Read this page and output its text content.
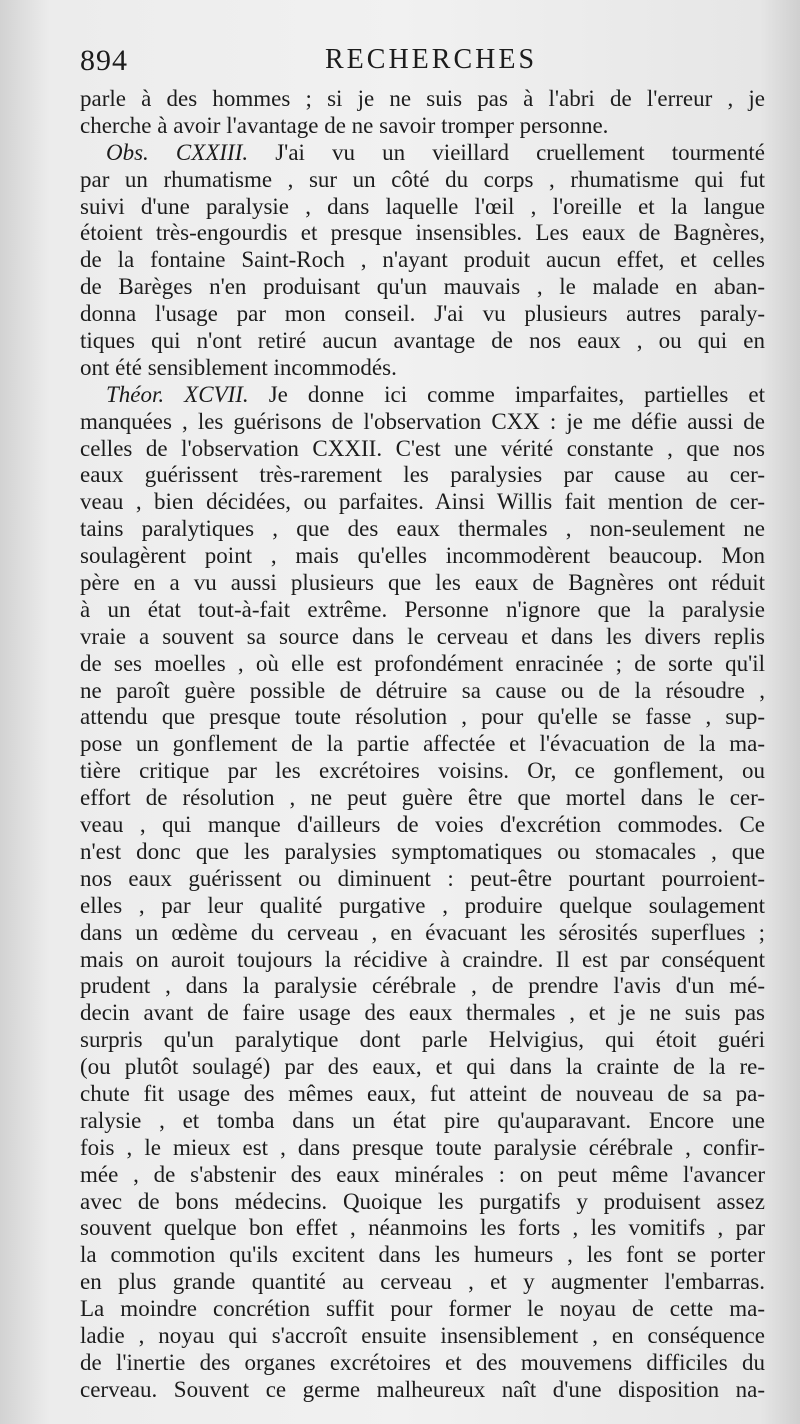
894	RECHERCHES
parle à des hommes ; si je ne suis pas à l'abri de l'erreur , je
cherche à avoir l'avantage de ne savoir tromper personne.
Obs. CXXIII. J'ai vu un vieillard cruellement tourmenté
par un rhumatisme , sur un côté du corps , rhumatisme qui fut
suivi d'une paralysie , dans laquelle l'œil , l'oreille et la langue
étoient très-engourdis et presque insensibles. Les eaux de Bagnères,
de la fontaine Saint-Roch , n'ayant produit aucun effet, et celles
de Barèges n'en produisant qu'un mauvais , le malade en aban-
donna l'usage par mon conseil. J'ai vu plusieurs autres paraly-
tiques qui n'ont retiré aucun avantage de nos eaux , ou qui en
ont été sensiblement incommodés.
Théor. XCVII. Je donne ici comme imparfaites, partielles et
manquées , les guérisons de l'observation CXX : je me défie aussi de
celles de l'observation CXXII. C'est une vérité constante , que nos
eaux guérissent très-rarement les paralysies par cause au cer-
veau , bien décidées, ou parfaites. Ainsi Willis fait mention de cer-
tains paralytiques , que des eaux thermales , non-seulement ne
soulagèrent point , mais qu'elles incommodèrent beaucoup. Mon
père en a vu aussi plusieurs que les eaux de Bagnères ont réduit
à un état tout-à-fait extrême. Personne n'ignore que la paralysie
vraie a souvent sa source dans le cerveau et dans les divers replis
de ses moelles , où elle est profondément enracinée ; de sorte qu'il
ne paroît guère possible de détruire sa cause ou de la résoudre ,
attendu que presque toute résolution , pour qu'elle se fasse , sup-
pose un gonflement de la partie affectée et l'évacuation de la ma-
tière critique par les excrétoires voisins. Or, ce gonflement, ou
effort de résolution , ne peut guère être que mortel dans le cer-
veau , qui manque d'ailleurs de voies d'excrétion commodes. Ce
n'est donc que les paralysies symptomatiques ou stomacales , que
nos eaux guérissent ou diminuent : peut-être pourtant pourroient-
elles , par leur qualité purgative , produire quelque soulagement
dans un œdème du cerveau , en évacuant les sérosités superflues ;
mais on auroit toujours la récidive à craindre. Il est par conséquent
prudent , dans la paralysie cérébrale , de prendre l'avis d'un mé-
decin avant de faire usage des eaux thermales , et je ne suis pas
surpris qu'un paralytique dont parle Helvigius, qui étoit guéri
(ou plutôt soulagé) par des eaux, et qui dans la crainte de la re-
chute fit usage des mêmes eaux, fut atteint de nouveau de sa pa-
ralysie , et tomba dans un état pire qu'auparavant. Encore une
fois , le mieux est , dans presque toute paralysie cérébrale , confir-
mée , de s'abstenir des eaux minérales : on peut même l'avancer
avec de bons médecins. Quoique les purgatifs y produisent assez
souvent quelque bon effet , néanmoins les forts , les vomitifs , par
la commotion qu'ils excitent dans les humeurs , les font se porter
en plus grande quantité au cerveau , et y augmenter l'embarras.
La moindre concrétion suffit pour former le noyau de cette ma-
ladie , noyau qui s'accroît ensuite insensiblement , en conséquence
de l'inertie des organes excrétoires et des mouvemens difficiles du
cerveau. Souvent ce germe malheureux naît d'une disposition na-
